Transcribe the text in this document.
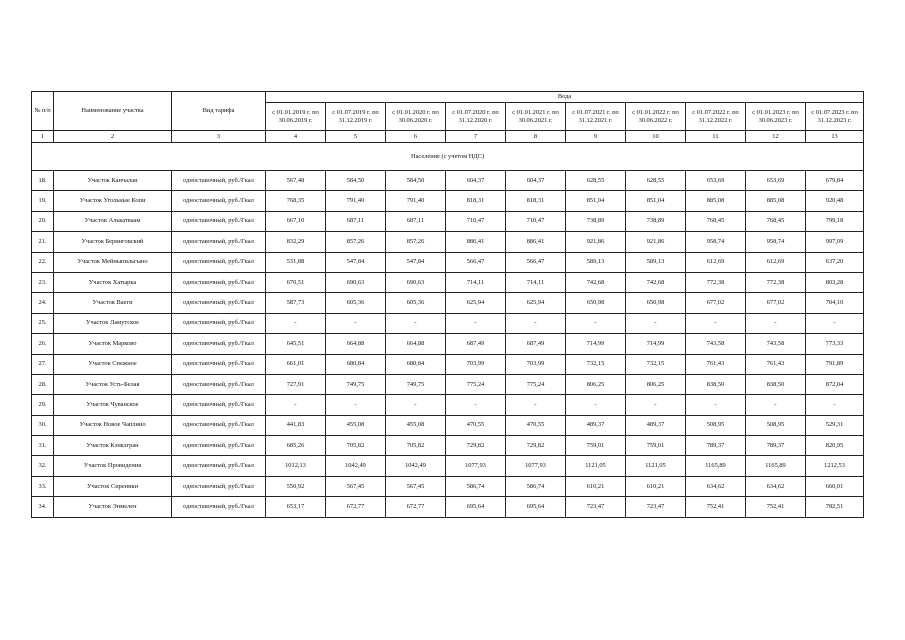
№ п/п	Наименование участка	Вид тарифа	Вода									
			с 01.01.2019 г. по 30.06.2019 г.	с 01.07.2019 г. по 31.12.2019 г.	с 01.01.2020 г. по 30.06.2020 г.	с 01.07.2020 г. по 31.12.2020 г.	с 01.01.2021 г. по 30.06.2021 г.	с 01.07.2021 г. по 31.12.2021 г.	с 01.01.2022 г. по 30.06.2022 г.	с 01.07.2022 г. по 31.12.2022 г.	с 01.01.2023 г. по 30.06.2023 г.	с 01.07.2023 г. по 31.12.2023 г.
1	2	3	4	5	6	7	8	9	10	11	12	13
Население (с учетом НДС)												
18.	Участок Канчалан	одноставочный, руб./Гкал	567,48	584,50	584,50	604,37	604,37	628,55	628,55	653,69	653,69	679,84
19.	Участок Угольные Копи	одноставочный, руб./Гкал	768,35	791,40	791,40	818,31	818,31	851,04	851,04	885,08	885,08	920,48
20.	Участок Алькатваам	одноставочный, руб./Гкал	667,10	687,11	687,11	710,47	710,47	738,89	738,89	768,45	768,45	799,18
21.	Участок Беринговский	одноставочный, руб./Гкал	832,29	857,26	857,26	886,41	886,41	921,86	921,86	958,74	958,74	997,09
22.	Участок Мейныпильгыно	одноставочный, руб./Гкал	531,88	547,84	547,84	566,47	566,47	589,13	589,13	612,69	612,69	637,20
23.	Участок Хатырка	одноставочный, руб./Гкал	670,51	690,63	690,63	714,11	714,11	742,68	742,68	772,38	772,38	803,28
24.	Участок Ваеги	одноставочный, руб./Гкал	587,73	605,36	605,36	625,94	625,94	650,98	650,98	677,02	677,02	704,10
25.	Участок Ламутское	одноставочный, руб./Гкал	-	-	-	-	-	-	-	-	-	-
26.	Участок Марково	одноставочный, руб./Гкал	645,51	664,88	664,88	687,49	687,49	714,99	714,99	743,58	743,58	773,33
27.	Участок Снежное	одноставочный, руб./Гкал	661,01	680,84	680,84	703,99	703,99	732,15	732,15	761,43	761,43	791,89
28.	Участок Усть-Белая	одноставочный, руб./Гкал	727,91	749,75	749,75	775,24	775,24	806,25	806,25	838,50	838,50	872,04
29.	Участок Чуванское	одноставочный, руб./Гкал	-	-	-	-	-	-	-	-	-	-
30.	Участок Новое Чаплино	одноставочный, руб./Гкал	441,83	455,08	455,08	470,55	470,55	489,37	489,37	508,95	508,95	529,31
31.	Участок Кэнкэгран	одноставочный, руб./Гкал	685,26	705,82	705,82	729,82	729,82	759,01	759,01	789,37	789,37	820,95
32.	Участок Провидения	одноставочный, руб./Гкал	1012,13	1042,49	1042,49	1077,93	1077,93	1121,05	1121,05	1165,89	1165,89	1212,53
33.	Участок Сиреники	одноставочный, руб./Гкал	550,92	567,45	567,45	586,74	586,74	610,21	610,21	634,62	634,62	660,01
34.	Участок Энмелен	одноставочный, руб./Гкал	653,17	672,77	672,77	695,64	695,64	723,47	723,47	752,41	752,41	782,51
